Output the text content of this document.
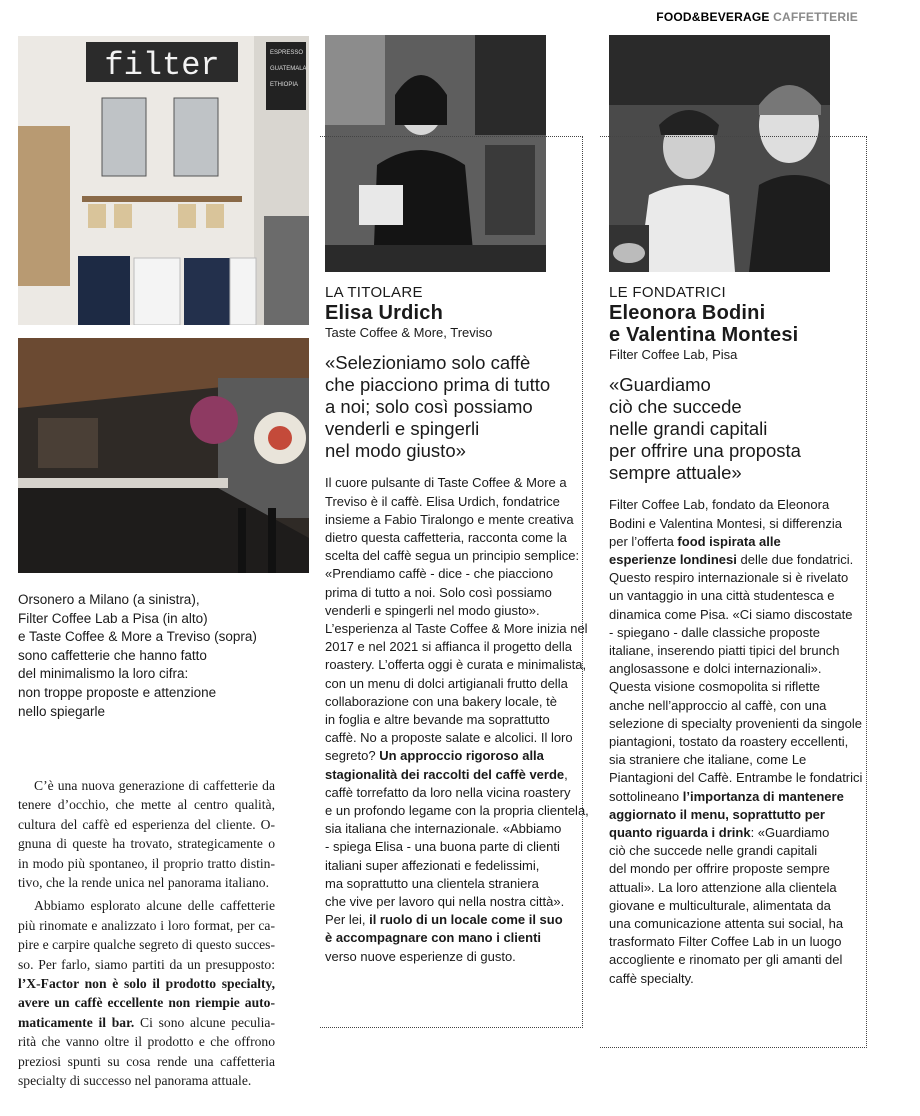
FOOD&BEVERAGE CAFFETTERIE
filter	ESPRESSO
GUATEMALA
ETHIOPIA
Orsonero a Milano (a sinistra),
Filter Coffee Lab a Pisa (in alto)
e Taste Coffee & More a Treviso (sopra)
sono caffetterie che hanno fatto
del minimalismo la loro cifra:
non troppe proposte e attenzione
nello spiegarle
C’è una nuova generazione di caffetterie da
tenere d’occhio, che mette al centro qualità,
cultura del caffè ed esperienza del cliente. O-
gnuna di queste ha trovato, strategicamente o
in modo più spontaneo, il proprio tratto distin-
tivo, che la rende unica nel panorama italiano.
Abbiamo esplorato alcune delle caffetterie
più rinomate e analizzato i loro format, per ca-
pire e carpire qualche segreto di questo succes-
so. Per farlo, siamo partiti da un presupposto:
l’X-Factor non è solo il prodotto specialty,
avere un caffè eccellente non riempie auto-
maticamente il bar. Ci sono alcune peculia-
rità che vanno oltre il prodotto e che offrono
preziosi spunti su cosa rende una caffetteria
specialty di successo nel panorama attuale.
LA TITOLARE
Elisa Urdich
Taste Coffee & More, Treviso
«Selezioniamo solo caffè
che piacciono prima di tutto
a noi; solo così possiamo
venderli e spingerli
nel modo giusto»
Il cuore pulsante di Taste Coffee & More a
Treviso è il caffè. Elisa Urdich, fondatrice
insieme a Fabio Tiralongo e mente creativa
dietro questa caffetteria, racconta come la
scelta del caffè segua un principio semplice:
«Prendiamo caffè - dice - che piacciono
prima di tutto a noi. Solo così possiamo
venderli e spingerli nel modo giusto».
L’esperienza al Taste Coffee & More inizia nel
2017 e nel 2021 si affianca il progetto della
roastery. L’offerta oggi è curata e minimalista,
con un menu di dolci artigianali frutto della
collaborazione con una bakery locale, tè
in foglia e altre bevande ma soprattutto
caffè. No a proposte salate e alcolici. Il loro
segreto? Un approccio rigoroso alla
stagionalità dei raccolti del caffè verde,
caffè torrefatto da loro nella vicina roastery
e un profondo legame con la propria clientela,
sia italiana che internazionale. «Abbiamo
- spiega Elisa - una buona parte di clienti
italiani super affezionati e fedelissimi,
ma soprattutto una clientela straniera
che vive per lavoro qui nella nostra città».
Per lei, il ruolo di un locale come il suo
è accompagnare con mano i clienti
verso nuove esperienze di gusto.
LE FONDATRICI
Eleonora Bodini
e Valentina Montesi
Filter Coffee Lab, Pisa
«Guardiamo
ciò che succede
nelle grandi capitali
per offrire una proposta
sempre attuale»
Filter Coffee Lab, fondato da Eleonora
Bodini e Valentina Montesi, si differenzia
per l’offerta food ispirata alle
esperienze londinesi delle due fondatrici.
Questo respiro internazionale si è rivelato
un vantaggio in una città studentesca e
dinamica come Pisa. «Ci siamo discostate
- spiegano - dalle classiche proposte
italiane, inserendo piatti tipici del brunch
anglosassone e dolci internazionali».
Questa visione cosmopolita si riflette
anche nell’approccio al caffè, con una
selezione di specialty provenienti da singole
piantagioni, tostato da roastery eccellenti,
sia straniere che italiane, come Le
Piantagioni del Caffè. Entrambe le fondatrici
sottolineano l’importanza di mantenere
aggiornato il menu, soprattutto per
quanto riguarda i drink: «Guardiamo
ciò che succede nelle grandi capitali
del mondo per offrire proposte sempre
attuali». La loro attenzione alla clientela
giovane e multiculturale, alimentata da
una comunicazione attenta sui social, ha
trasformato Filter Coffee Lab in un luogo
accogliente e rinomato per gli amanti del
caffè specialty.
